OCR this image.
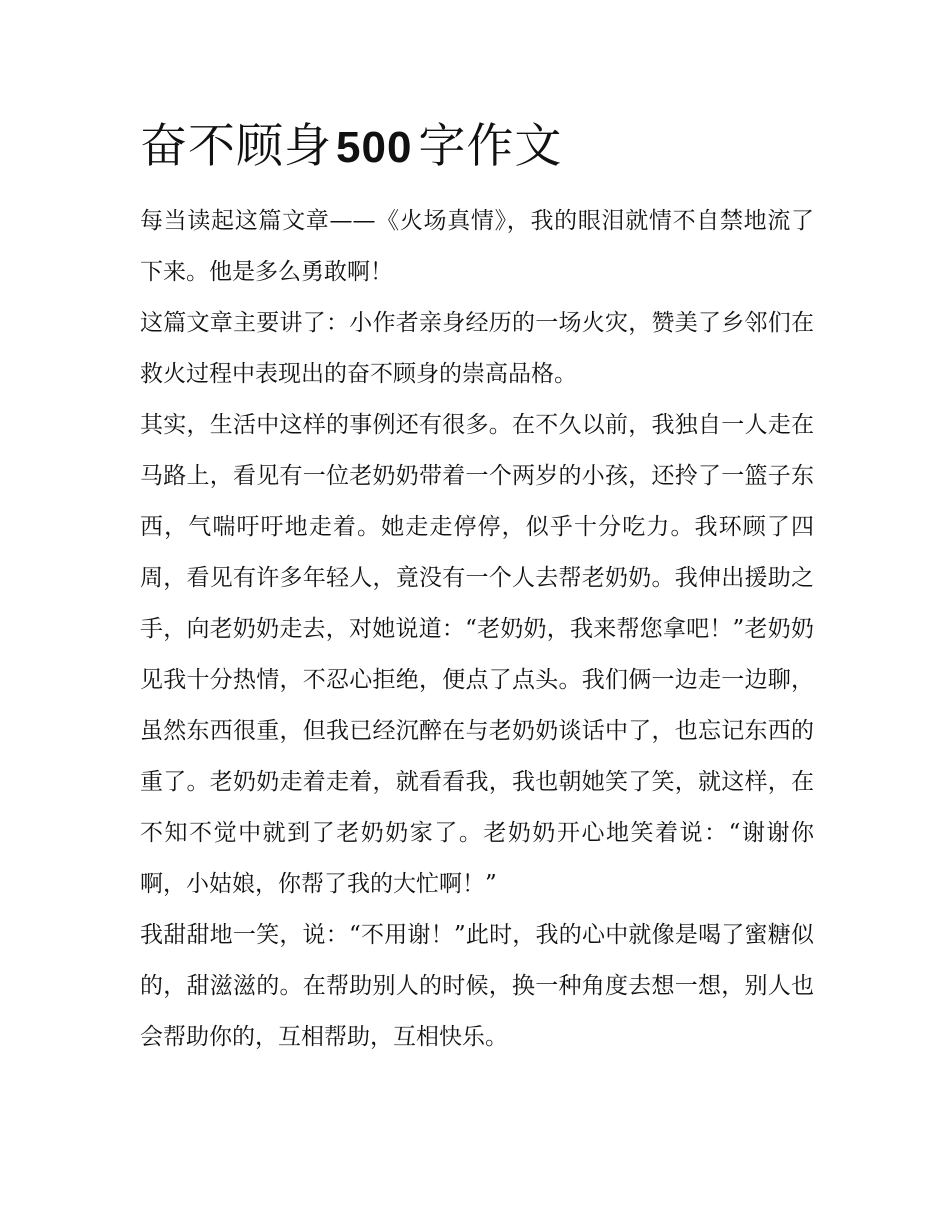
奋不顾身500 字作文

每当读起这篇文章——《火场真情》，我的眼泪就情不自禁地流了下来。他是多么勇敢啊！

这篇文章主要讲了：小作者亲身经历的一场火灾，赞美了乡邻们在救火过程中表现出的奋不顾身的崇高品格。

其实，生活中这样的事例还有很多。在不久以前，我独自一人走在马路上，看见有一位老奶奶带着一个两岁的小孩，还拎了一篮子东西，气喘吁吁地走着。她走走停停，似乎十分吃力。我环顾了四周，看见有许多年轻人，竟没有一个人去帮老奶奶。我伸出援助之手，向老奶奶走去，对她说道：“老奶奶，我来帮您拿吧！”老奶奶见我十分热情，不忍心拒绝，便点了点头。我们俩一边走一边聊，虽然东西很重，但我已经沉醉在与老奶奶谈话中了，也忘记东西的重了。老奶奶走着走着，就看看我，我也朝她笑了笑，就这样，在不知不觉中就到了老奶奶家了。老奶奶开心地笑着说：“谢谢你啊，小姑娘，你帮了我的大忙啊！”

我甜甜地一笑，说：“不用谢！”此时，我的心中就像是喝了蜜糖似的，甜滋滋的。在帮助别人的时候，换一种角度去想一想，别人也会帮助你的，互相帮助，互相快乐。
